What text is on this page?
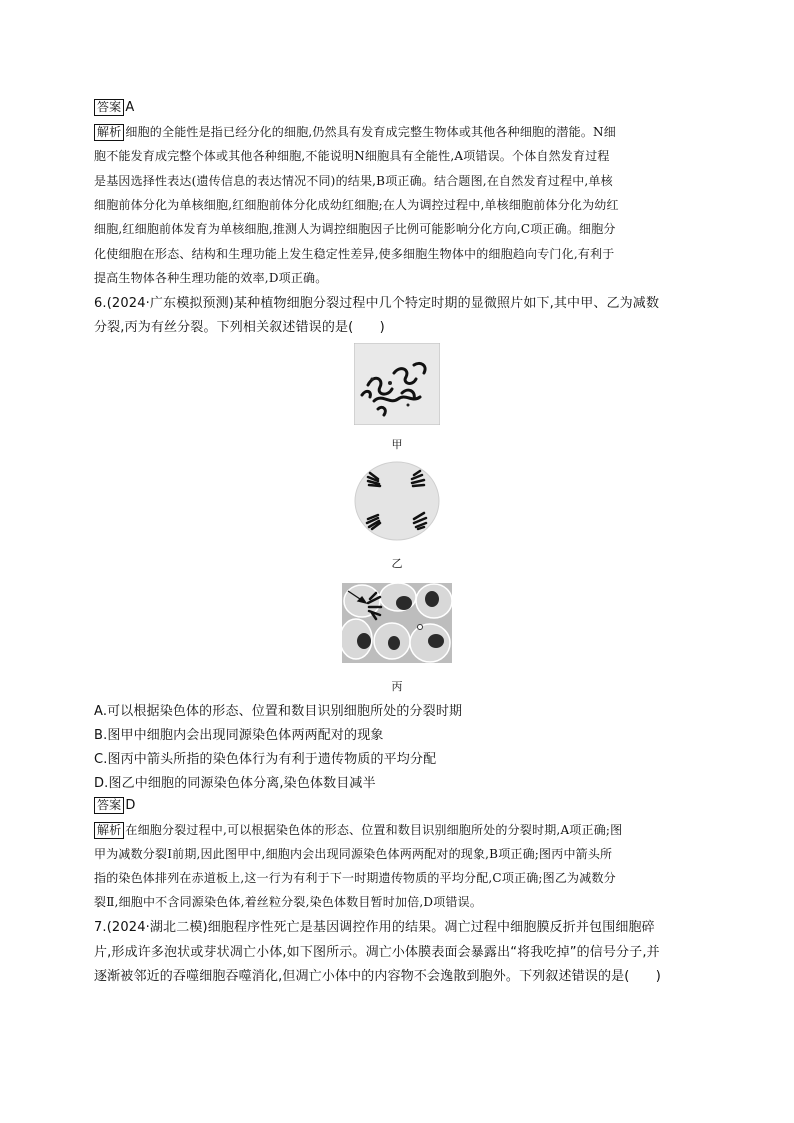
答案 A
解析 细胞的全能性是指已经分化的细胞,仍然具有发育成完整生物体或其他各种细胞的潜能。N细
胞不能发育成完整个体或其他各种细胞,不能说明N细胞具有全能性,A项错误。个体自然发育过程
是基因选择性表达(遗传信息的表达情况不同)的结果,B项正确。结合题图,在自然发育过程中,单核
细胞前体分化为单核细胞,红细胞前体分化成幼红细胞;在人为调控过程中,单核细胞前体分化为幼红
细胞,红细胞前体发育为单核细胞,推测人为调控细胞因子比例可能影响分化方向,C项正确。细胞分
化使细胞在形态、结构和生理功能上发生稳定性差异,使多细胞生物体中的细胞趋向专门化,有利于
提高生物体各种生理功能的效率,D项正确。
6.(2024·广东模拟预测)某种植物细胞分裂过程中几个特定时期的显微照片如下,其中甲、乙为减数
分裂,丙为有丝分裂。下列相关叙述错误的是(　　)
甲
乙
丙
A.可以根据染色体的形态、位置和数目识别细胞所处的分裂时期
B.图甲中细胞内会出现同源染色体两两配对的现象
C.图丙中箭头所指的染色体行为有利于遗传物质的平均分配
D.图乙中细胞的同源染色体分离,染色体数目减半
答案 D
解析 在细胞分裂过程中,可以根据染色体的形态、位置和数目识别细胞所处的分裂时期,A项正确;图
甲为减数分裂Ⅰ前期,因此图甲中,细胞内会出现同源染色体两两配对的现象,B项正确;图丙中箭头所
指的染色体排列在赤道板上,这一行为有利于下一时期遗传物质的平均分配,C项正确;图乙为减数分
裂Ⅱ,细胞中不含同源染色体,着丝粒分裂,染色体数目暂时加倍,D项错误。
7.(2024·湖北二模)细胞程序性死亡是基因调控作用的结果。凋亡过程中细胞膜反折并包围细胞碎
片,形成许多泡状或芽状凋亡小体,如下图所示。凋亡小体膜表面会暴露出“将我吃掉”的信号分子,并
逐渐被邻近的吞噬细胞吞噬消化,但凋亡小体中的内容物不会逸散到胞外。下列叙述错误的是(　　)
